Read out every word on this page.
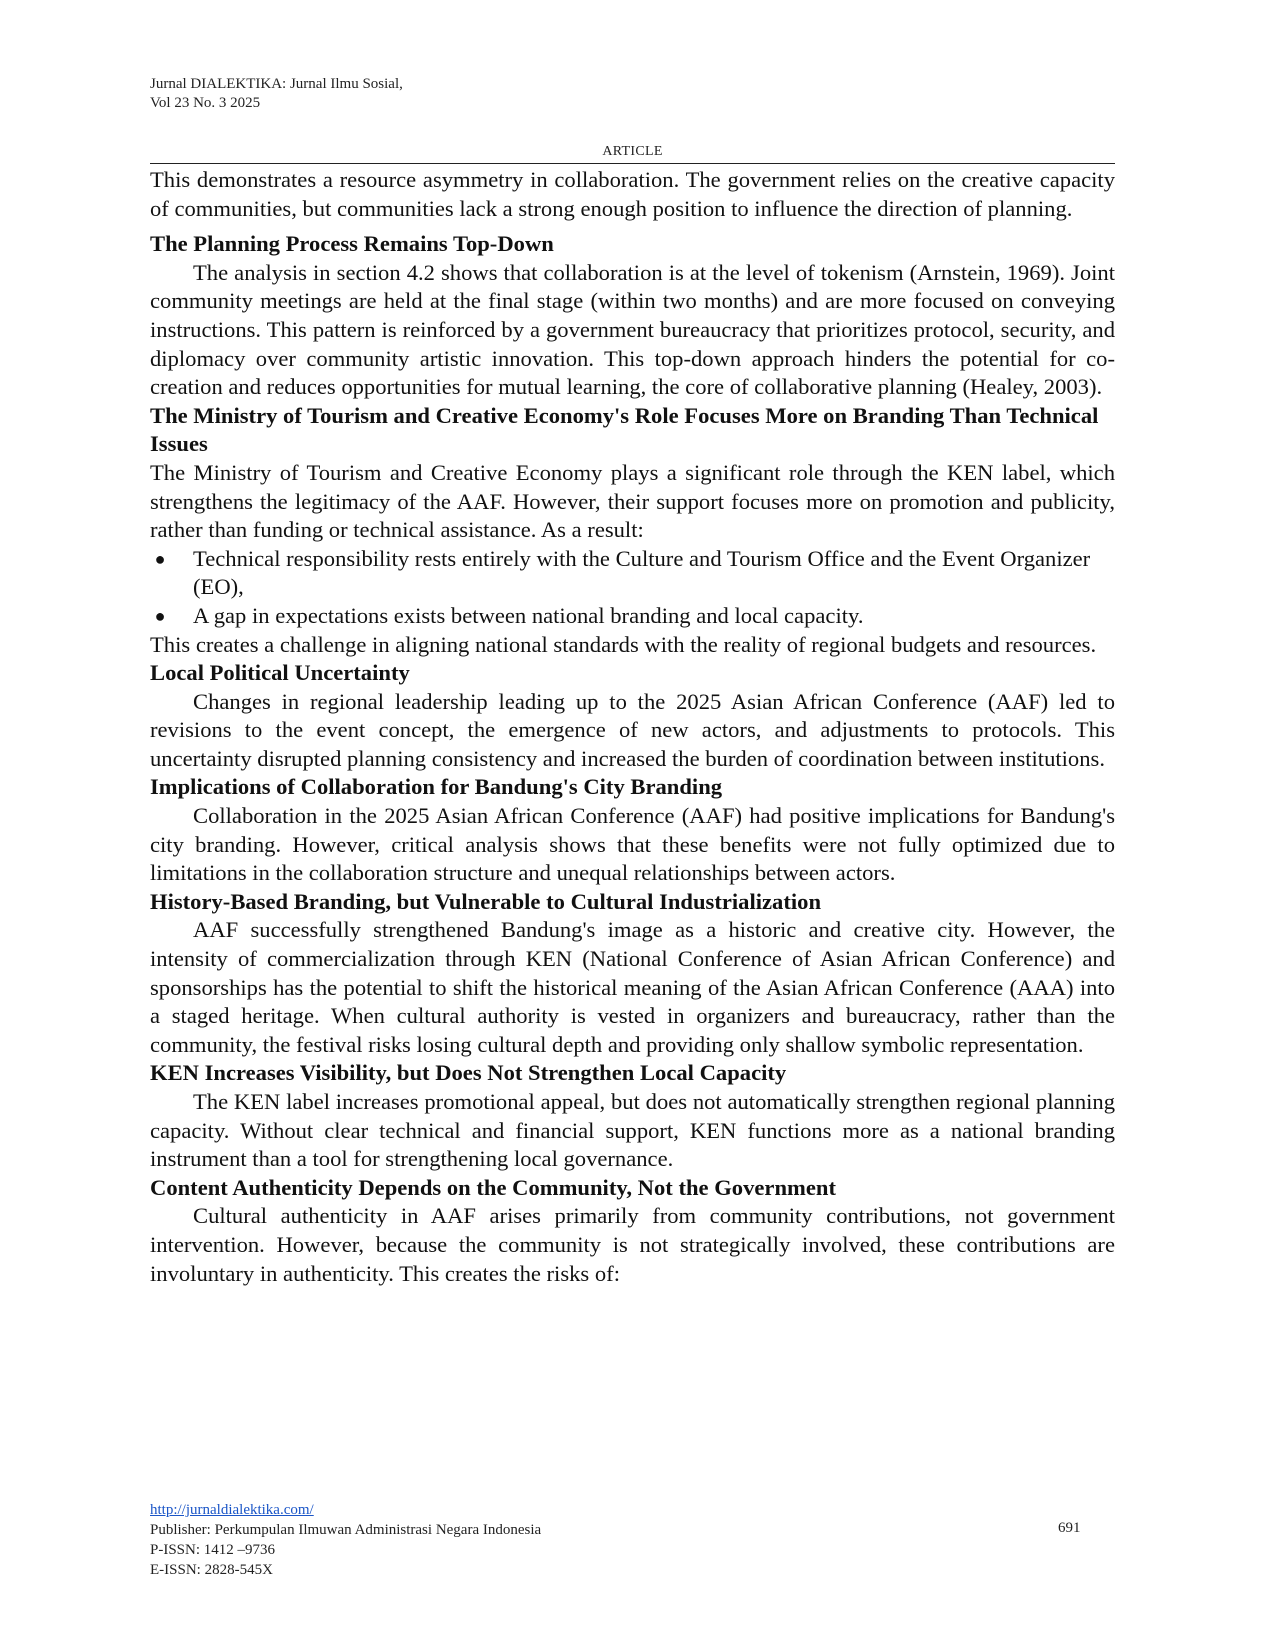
Jurnal DIALEKTIKA: Jurnal Ilmu Sosial,
Vol 23 No. 3 2025
ARTICLE

This demonstrates a resource asymmetry in collaboration. The government relies on the creative capacity of communities, but communities lack a strong enough position to influence the direction of planning.

The Planning Process Remains Top-Down

The analysis in section 4.2 shows that collaboration is at the level of tokenism (Arnstein, 1969). Joint community meetings are held at the final stage (within two months) and are more focused on conveying instructions. This pattern is reinforced by a government bureaucracy that prioritizes protocol, security, and diplomacy over community artistic innovation. This top-down approach hinders the potential for co-creation and reduces opportunities for mutual learning, the core of collaborative planning (Healey, 2003).

The Ministry of Tourism and Creative Economy's Role Focuses More on Branding Than Technical Issues

The Ministry of Tourism and Creative Economy plays a significant role through the KEN label, which strengthens the legitimacy of the AAF. However, their support focuses more on promotion and publicity, rather than funding or technical assistance. As a result:

● Technical responsibility rests entirely with the Culture and Tourism Office and the Event Organizer (EO),
● A gap in expectations exists between national branding and local capacity.

This creates a challenge in aligning national standards with the reality of regional budgets and resources.

Local Political Uncertainty

Changes in regional leadership leading up to the 2025 Asian African Conference (AAF) led to revisions to the event concept, the emergence of new actors, and adjustments to protocols. This uncertainty disrupted planning consistency and increased the burden of coordination between institutions.

Implications of Collaboration for Bandung's City Branding

Collaboration in the 2025 Asian African Conference (AAF) had positive implications for Bandung's city branding. However, critical analysis shows that these benefits were not fully optimized due to limitations in the collaboration structure and unequal relationships between actors.

History-Based Branding, but Vulnerable to Cultural Industrialization

AAF successfully strengthened Bandung's image as a historic and creative city. However, the intensity of commercialization through KEN (National Conference of Asian African Conference) and sponsorships has the potential to shift the historical meaning of the Asian African Conference (AAA) into a staged heritage. When cultural authority is vested in organizers and bureaucracy, rather than the community, the festival risks losing cultural depth and providing only shallow symbolic representation.

KEN Increases Visibility, but Does Not Strengthen Local Capacity

The KEN label increases promotional appeal, but does not automatically strengthen regional planning capacity. Without clear technical and financial support, KEN functions more as a national branding instrument than a tool for strengthening local governance.

Content Authenticity Depends on the Community, Not the Government

Cultural authenticity in AAF arises primarily from community contributions, not government intervention. However, because the community is not strategically involved, these contributions are involuntary in authenticity. This creates the risks of:

http://jurnaldialektika.com/
Publisher: Perkumpulan Ilmuwan Administrasi Negara Indonesia
P-ISSN: 1412 –9736
E-ISSN: 2828-545X
691
